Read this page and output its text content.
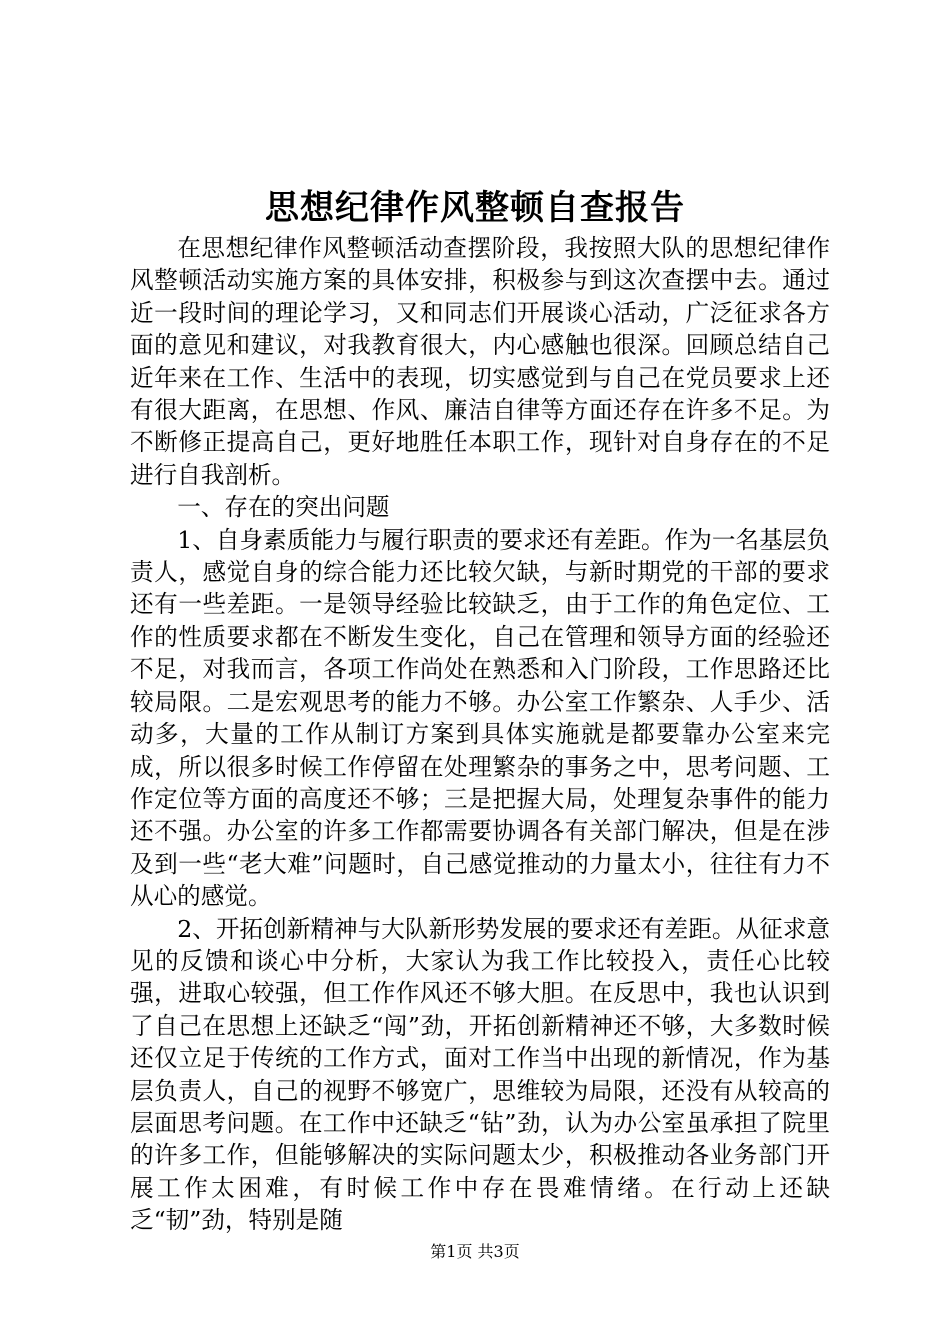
思想纪律作风整顿自查报告

在思想纪律作风整顿活动查摆阶段，我按照大队的思想纪律作风整顿活动实施方案的具体安排，积极参与到这次查摆中去。通过近一段时间的理论学习，又和同志们开展谈心活动，广泛征求各方面的意见和建议，对我教育很大，内心感触也很深。回顾总结自己近年来在工作、生活中的表现，切实感觉到与自己在党员要求上还有很大距离，在思想、作风、廉洁自律等方面还存在许多不足。为不断修正提高自己，更好地胜任本职工作，现针对自身存在的不足进行自我剖析。

一、存在的突出问题

1、自身素质能力与履行职责的要求还有差距。作为一名基层负责人，感觉自身的综合能力还比较欠缺，与新时期党的干部的要求还有一些差距。一是领导经验比较缺乏，由于工作的角色定位、工作的性质要求都在不断发生变化，自己在管理和领导方面的经验还不足，对我而言，各项工作尚处在熟悉和入门阶段，工作思路还比较局限。二是宏观思考的能力不够。办公室工作繁杂、人手少、活动多，大量的工作从制订方案到具体实施就是都要靠办公室来完成，所以很多时候工作停留在处理繁杂的事务之中，思考问题、工作定位等方面的高度还不够；三是把握大局，处理复杂事件的能力还不强。办公室的许多工作都需要协调各有关部门解决，但是在涉及到一些“老大难”问题时，自己感觉推动的力量太小，往往有力不从心的感觉。

2、开拓创新精神与大队新形势发展的要求还有差距。从征求意见的反馈和谈心中分析，大家认为我工作比较投入，责任心比较强，进取心较强，但工作作风还不够大胆。在反思中，我也认识到了自己在思想上还缺乏“闯”劲，开拓创新精神还不够，大多数时候还仅立足于传统的工作方式，面对工作当中出现的新情况，作为基层负责人，自己的视野不够宽广，思维较为局限，还没有从较高的层面思考问题。在工作中还缺乏“钻”劲，认为办公室虽承担了院里的许多工作，但能够解决的实际问题太少，积极推动各业务部门开展工作太困难，有时候工作中存在畏难情绪。在行动上还缺乏“韧”劲，特别是随

第1页 共3页
